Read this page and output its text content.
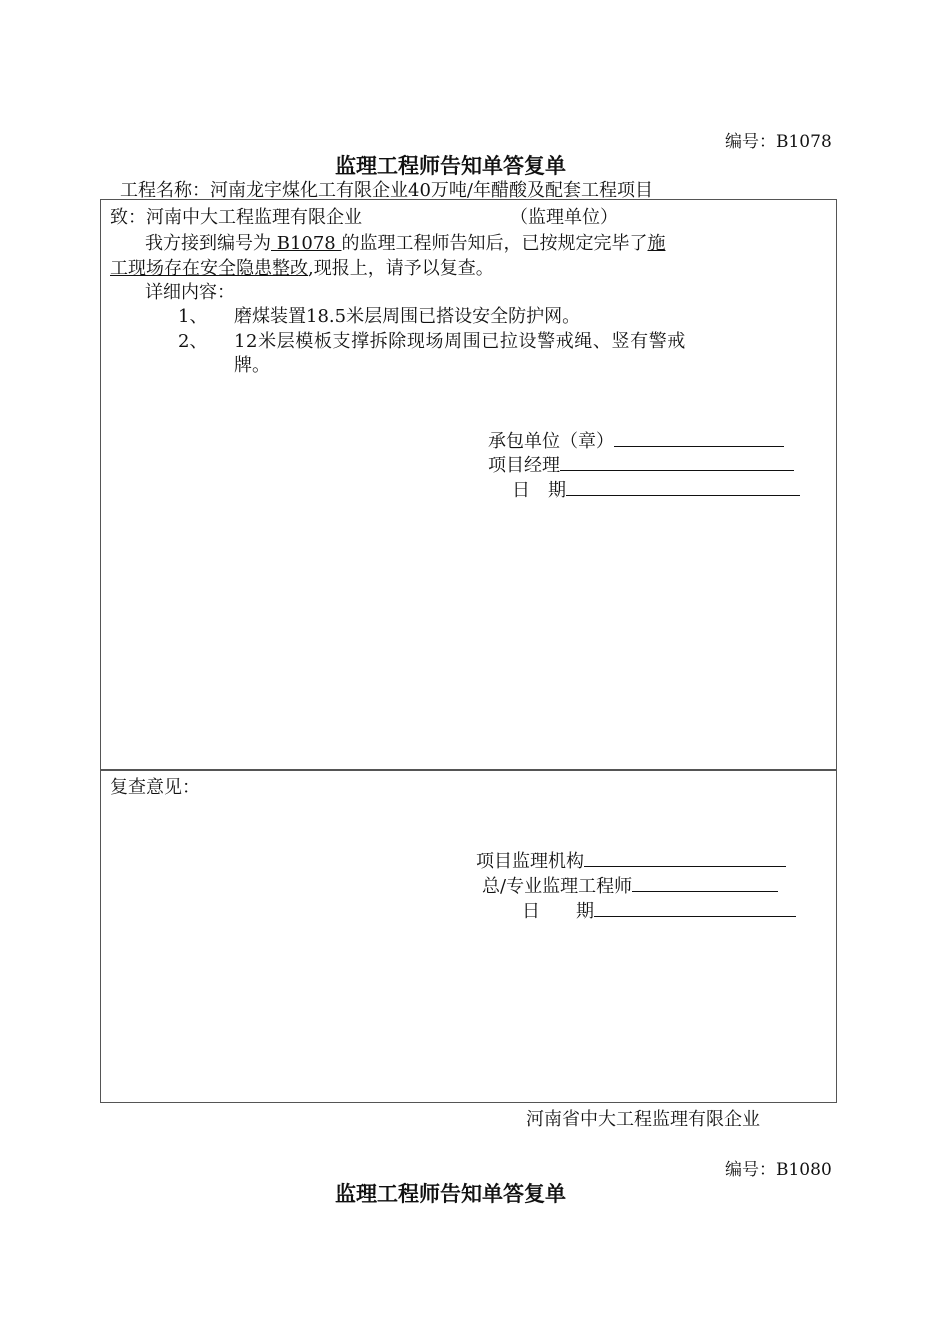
编号：B1078
监理工程师告知单答复单
工程名称：河南龙宇煤化工有限企业40万吨/年醋酸及配套工程项目
致：河南中大工程监理有限企业	（监理单位）
我方接到编号为 B1078 的监理工程师告知后，已按规定完毕了施
工现场存在安全隐患整改,现报上，请予以复查。
详细内容：
1、 磨煤装置18.5米层周围已搭设安全防护网。
2、 12米层模板支撑拆除现场周围已拉设警戒绳、竖有警戒
牌。
承包单位（章）
项目经理
日　期
复查意见：
项目监理机构
总/专业监理工程师
日　　期
河南省中大工程监理有限企业
编号：B1080
监理工程师告知单答复单
